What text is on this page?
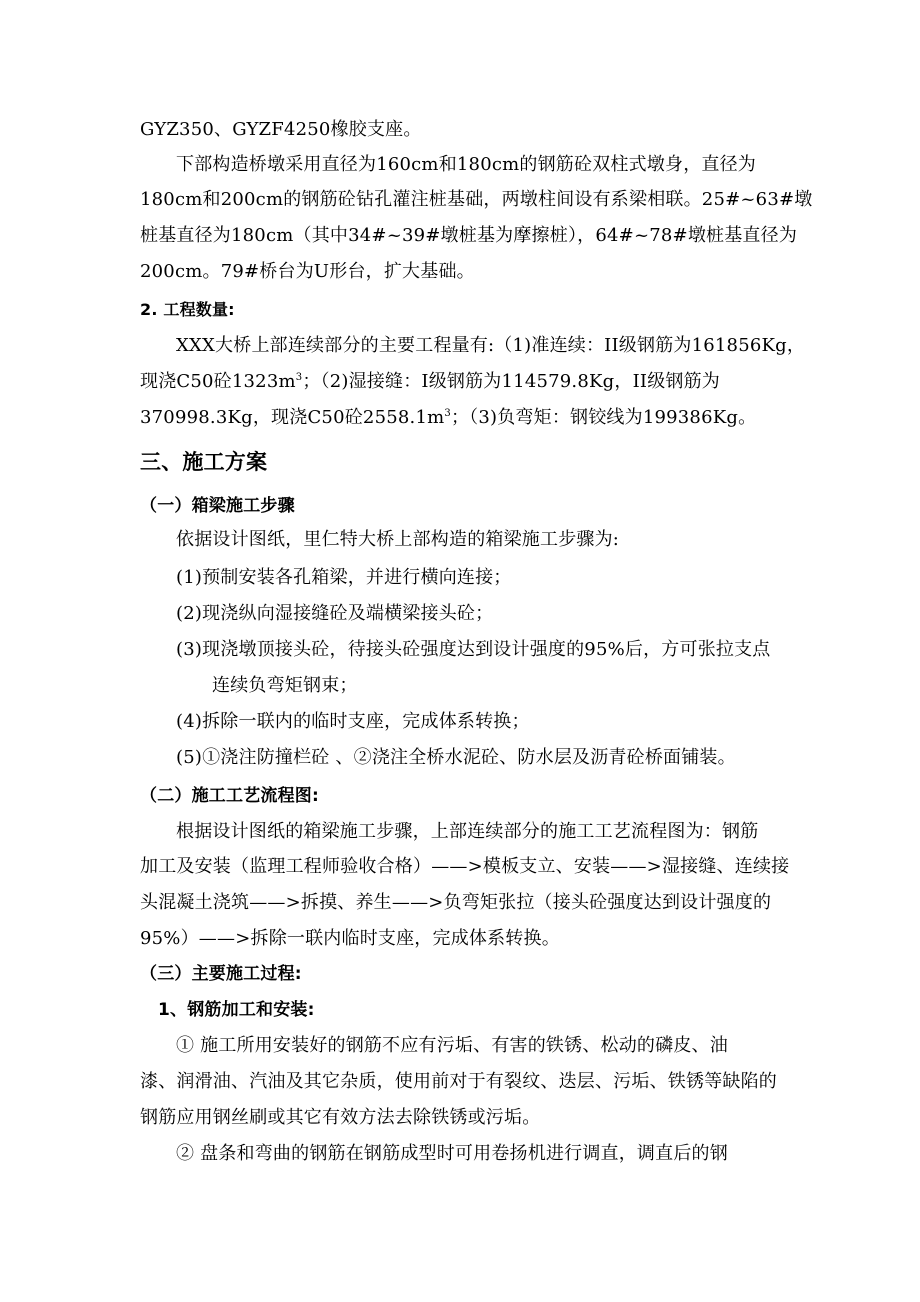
GYZ350、GYZF4250橡胶支座。
下部构造桥墩采用直径为160cm和180cm的钢筋砼双柱式墩身，直径为
180cm和200cm的钢筋砼钻孔灌注桩基础，两墩柱间设有系梁相联。25#~63#墩
桩基直径为180cm（其中34#~39#墩桩基为摩擦桩），64#~78#墩桩基直径为
200cm。79#桥台为U形台，扩大基础。
2. 工程数量:
XXX大桥上部连续部分的主要工程量有:（1)准连续：II级钢筋为161856Kg，
现浇C50砼$1323m^3$；（2)湿接缝：I级钢筋为114579.8Kg，II级钢筋为
370998.3Kg，现浇C50砼$2558.1m^3$；（3)负弯矩：钢铰线为199386Kg。
三、施工方案
（一）箱梁施工步骤
依据设计图纸，里仁特大桥上部构造的箱梁施工步骤为:
(1)预制安装各孔箱梁，并进行横向连接；
(2)现浇纵向湿接缝砼及端横梁接头砼；
(3)现浇墩顶接头砼，待接头砼强度达到设计强度的95%后，方可张拉支点
连续负弯矩钢束；
(4)拆除一联内的临时支座，完成体系转换；
(5)①浇注防撞栏砼 、②浇注全桥水泥砼、防水层及沥青砼桥面铺装。
（二）施工工艺流程图:
根据设计图纸的箱梁施工步骤，上部连续部分的施工工艺流程图为：钢筋
加工及安装（监理工程师验收合格）——>模板支立、安装——>湿接缝、连续接
头混凝土浇筑——>拆摸、养生——>负弯矩张拉（接头砼强度达到设计强度的
95%）——>拆除一联内临时支座，完成体系转换。
（三）主要施工过程:
1、钢筋加工和安装:
① 施工所用安装好的钢筋不应有污垢、有害的铁锈、松动的磷皮、油
漆、润滑油、汽油及其它杂质，使用前对于有裂纹、迭层、污垢、铁锈等缺陷的
钢筋应用钢丝刷或其它有效方法去除铁锈或污垢。
② 盘条和弯曲的钢筋在钢筋成型时可用卷扬机进行调直，调直后的钢
